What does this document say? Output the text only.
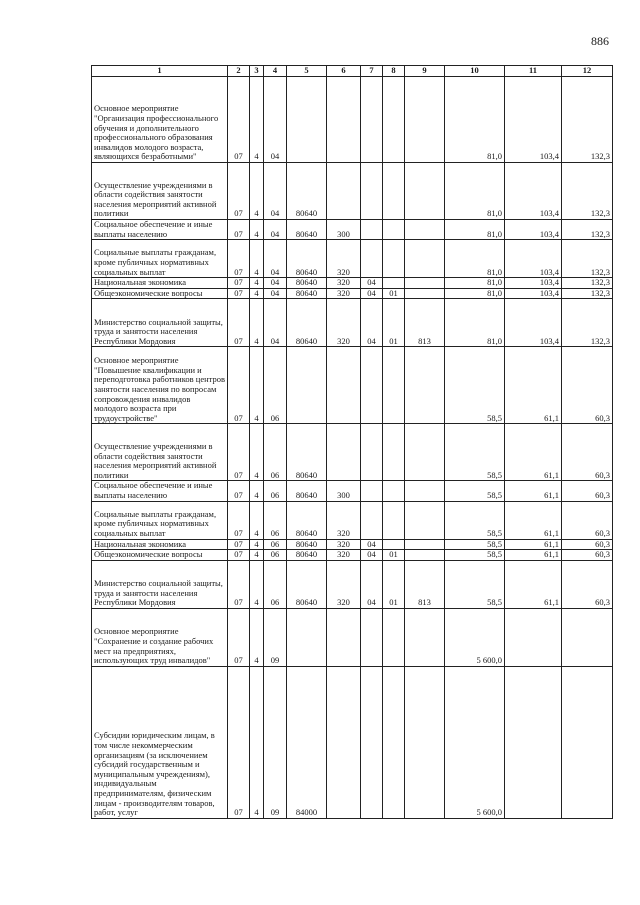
886
1	2	3	4	5	6	7	8	9	10	11	12
Основное мероприятие "Организация профессионального обучения и дополнительного профессионального образования инвалидов молодого возраста, являющихся безработными"	07	4	04						81,0	103,4	132,3
Осуществление учреждениями в области содействия занятости населения мероприятий активной политики	07	4	04	80640					81,0	103,4	132,3
Социальное обеспечение и иные выплаты населению	07	4	04	80640	300				81,0	103,4	132,3
Социальные выплаты гражданам, кроме публичных нормативных социальных выплат	07	4	04	80640	320				81,0	103,4	132,3
Национальная экономика	07	4	04	80640	320	04			81,0	103,4	132,3
Общеэкономические вопросы	07	4	04	80640	320	04	01		81,0	103,4	132,3
Министерство социальной защиты, труда и занятости населения Республики Мордовия	07	4	04	80640	320	04	01	813	81,0	103,4	132,3
Основное мероприятие "Повышение квалификации и переподготовка работников центров занятости населения по вопросам сопровождения инвалидов молодого возраста при трудоустройстве"	07	4	06						58,5	61,1	60,3
Осуществление учреждениями в области содействия занятости населения мероприятий активной политики	07	4	06	80640					58,5	61,1	60,3
Социальное обеспечение и иные выплаты населению	07	4	06	80640	300				58,5	61,1	60,3
Социальные выплаты гражданам, кроме публичных нормативных социальных выплат	07	4	06	80640	320				58,5	61,1	60,3
Национальная экономика	07	4	06	80640	320	04			58,5	61,1	60,3
Общеэкономические вопросы	07	4	06	80640	320	04	01		58,5	61,1	60,3
Министерство социальной защиты, труда и занятости населения Республики Мордовия	07	4	06	80640	320	04	01	813	58,5	61,1	60,3
Основное мероприятие "Сохранение и создание рабочих мест на предприятиях, использующих труд инвалидов"	07	4	09						5 600,0		
Субсидии юридическим лицам, в том числе некоммерческим организациям (за исключением субсидий государственным и муниципальным учреждениям), индивидуальным предпринимателям, физическим лицам - производителям товаров, работ, услуг	07	4	09	84000					5 600,0		
